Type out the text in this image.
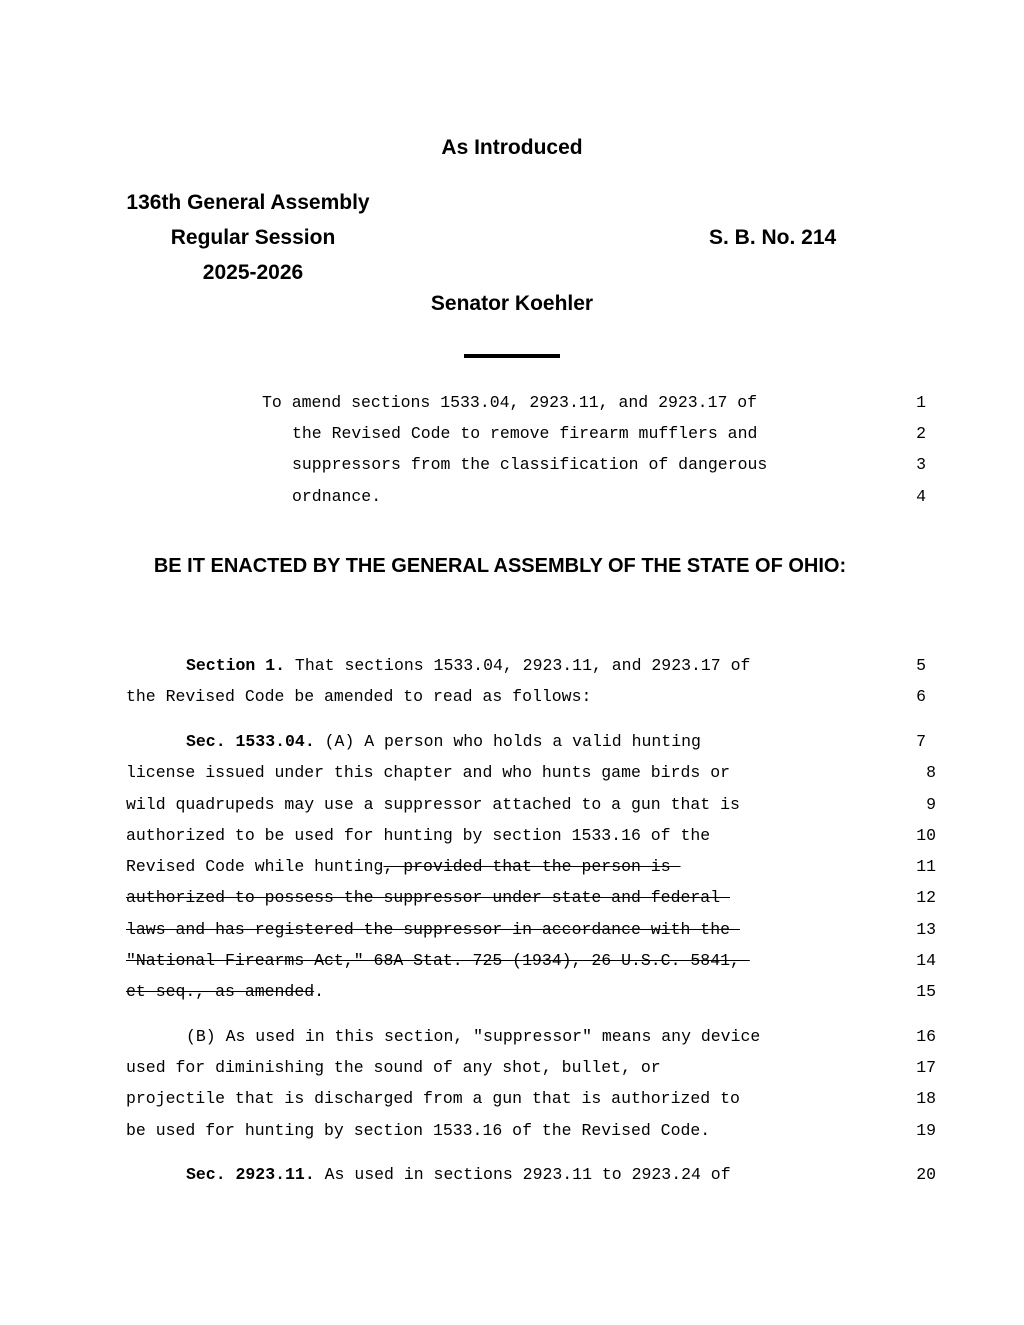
As Introduced
136th General Assembly
Regular Session
2025-2026
S. B. No. 214
Senator Koehler
To amend sections 1533.04, 2923.11, and 2923.17 of
the Revised Code to remove firearm mufflers and
suppressors from the classification of dangerous
ordnance.
1
2
3
4
BE IT ENACTED BY THE GENERAL ASSEMBLY OF THE STATE OF OHIO:
Section 1. That sections 1533.04, 2923.11, and 2923.17 of
the Revised Code be amended to read as follows:
5
6
Sec. 1533.04. (A) A person who holds a valid hunting
license issued under this chapter and who hunts game birds or
wild quadrupeds may use a suppressor attached to a gun that is
authorized to be used for hunting by section 1533.16 of the
Revised Code while hunting, provided that the person is
authorized to possess the suppressor under state and federal
laws and has registered the suppressor in accordance with the
"National Firearms Act," 68A Stat. 725 (1934), 26 U.S.C. 5841,
et seq., as amended.
7
8
9
10
11
12
13
14
15
(B) As used in this section, "suppressor" means any device
used for diminishing the sound of any shot, bullet, or
projectile that is discharged from a gun that is authorized to
be used for hunting by section 1533.16 of the Revised Code.
16
17
18
19
Sec. 2923.11. As used in sections 2923.11 to 2923.24 of	20
